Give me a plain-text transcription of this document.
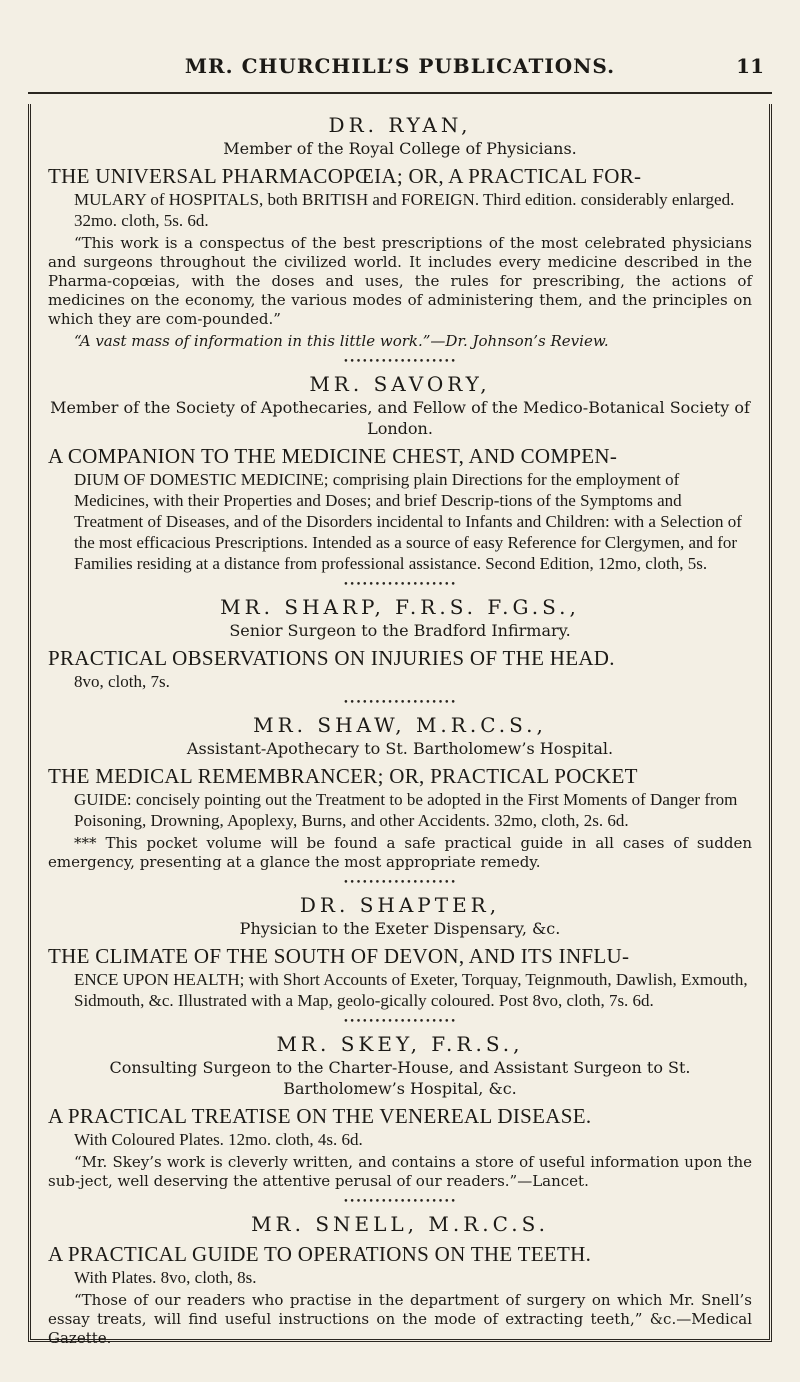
MR. CHURCHILL’S PUBLICATIONS.	11

DR. RYAN,

Member of the Royal College of Physicians.

THE UNIVERSAL PHARMACOPŒIA; OR, A PRACTICAL FOR-

MULARY of HOSPITALS, both BRITISH and FOREIGN. Third edition. considerably enlarged. 32mo. cloth, 5s. 6d.

“This work is a conspectus of the best prescriptions of the most celebrated physicians and surgeons throughout the civilized world. It includes every medicine described in the Pharma-copœias, with the doses and uses, the rules for prescribing, the actions of medicines on the economy, the various modes of administering them, and the principles on which they are com-pounded.”

“A vast mass of information in this little work.”—Dr. Johnson’s Review.

••••••••••••••••••

MR. SAVORY,

Member of the Society of Apothecaries, and Fellow of the Medico-Botanical Society of London.

A COMPANION TO THE MEDICINE CHEST, AND COMPEN-

DIUM OF DOMESTIC MEDICINE; comprising plain Directions for the employment of Medicines, with their Properties and Doses; and brief Descrip-tions of the Symptoms and Treatment of Diseases, and of the Disorders incidental to Infants and Children: with a Selection of the most efficacious Prescriptions. Intended as a source of easy Reference for Clergymen, and for Families residing at a distance from professional assistance. Second Edition, 12mo, cloth, 5s.

••••••••••••••••••

MR. SHARP, F.R.S. F.G.S.,

Senior Surgeon to the Bradford Infirmary.

PRACTICAL OBSERVATIONS ON INJURIES OF THE HEAD.

8vo, cloth, 7s.

••••••••••••••••••

MR. SHAW, M.R.C.S.,

Assistant-Apothecary to St. Bartholomew’s Hospital.

THE MEDICAL REMEMBRANCER; OR, PRACTICAL POCKET

GUIDE: concisely pointing out the Treatment to be adopted in the First Moments of Danger from Poisoning, Drowning, Apoplexy, Burns, and other Accidents. 32mo, cloth, 2s. 6d.

*** This pocket volume will be found a safe practical guide in all cases of sudden emergency, presenting at a glance the most appropriate remedy.

••••••••••••••••••

DR. SHAPTER,

Physician to the Exeter Dispensary, &c.

THE CLIMATE OF THE SOUTH OF DEVON, AND ITS INFLU-

ENCE UPON HEALTH; with Short Accounts of Exeter, Torquay, Teignmouth, Dawlish, Exmouth, Sidmouth, &c. Illustrated with a Map, geolo-gically coloured. Post 8vo, cloth, 7s. 6d.

••••••••••••••••••

MR. SKEY, F.R.S.,

Consulting Surgeon to the Charter-House, and Assistant Surgeon to St. Bartholomew’s Hospital, &c.

A PRACTICAL TREATISE ON THE VENEREAL DISEASE.

With Coloured Plates. 12mo. cloth, 4s. 6d.

“Mr. Skey’s work is cleverly written, and contains a store of useful information upon the sub-ject, well deserving the attentive perusal of our readers.”—Lancet.

••••••••••••••••••

MR. SNELL, M.R.C.S.

A PRACTICAL GUIDE TO OPERATIONS ON THE TEETH.

With Plates. 8vo, cloth, 8s.

“Those of our readers who practise in the department of surgery on which Mr. Snell’s essay treats, will find useful instructions on the mode of extracting teeth,” &c.—Medical Gazette.
